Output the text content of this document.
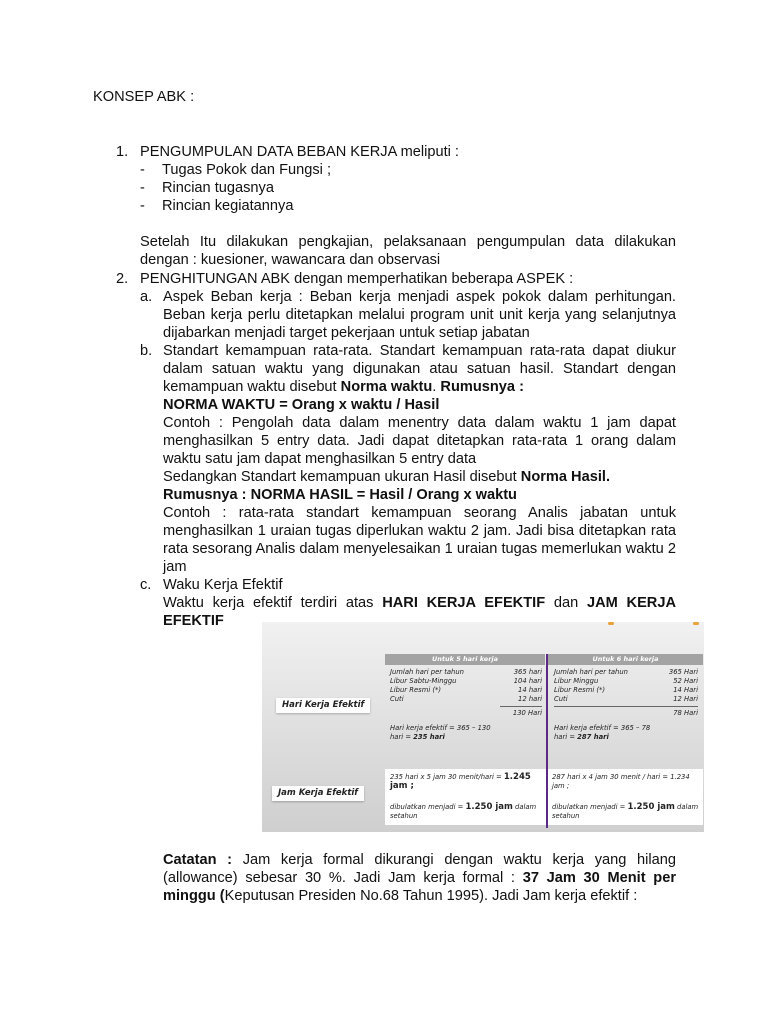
KONSEP ABK :
1. PENGUMPULAN DATA BEBAN KERJA meliputi :
- Tugas Pokok dan Fungsi ;
- Rincian tugasnya
- Rincian kegiatannya

Setelah Itu dilakukan pengkajian, pelaksanaan pengumpulan data dilakukan dengan : kuesioner, wawancara dan observasi

2. PENGHITUNGAN ABK dengan memperhatikan beberapa ASPEK :
a. Aspek Beban kerja : Beban kerja menjadi aspek pokok dalam perhitungan. Beban kerja perlu ditetapkan melalui program unit unit kerja yang selanjutnya dijabarkan menjadi target pekerjaan untuk setiap jabatan

b. Standart kemampuan rata-rata. Standart kemampuan rata-rata dapat diukur dalam satuan waktu yang digunakan atau satuan hasil. Standart dengan kemampuan waktu disebut Norma waktu. Rumusnya :

NORMA WAKTU = Orang x waktu / Hasil

Contoh : Pengolah data dalam menentry data dalam waktu 1 jam dapat menghasilkan 5 entry data. Jadi dapat ditetapkan rata-rata 1 orang dalam waktu satu jam dapat menghasilkan 5 entry data

Sedangkan Standart kemampuan ukuran Hasil disebut Norma Hasil.

Rumusnya : NORMA HASIL = Hasil / Orang x waktu

Contoh : rata-rata standart kemampuan seorang Analis jabatan untuk menghasilkan 1 uraian tugas diperlukan waktu 2 jam. Jadi bisa ditetapkan rata rata sesorang Analis dalam menyelesaikan 1 uraian tugas memerlukan waktu 2 jam

c. Waku Kerja Efektif

Waktu kerja efektif terdiri atas HARI KERJA EFEKTIF dan JAM KERJA EFEKTIF

Untuk 5 hari kerja	Untuk 6 hari kerja
Hari Kerja Efektif
Jam Kerja Efektif
Jumlah hari per tahun	365 hari
Libur Sabtu-Minggu	104 hari
Libur Resmi (*)	14 hari
Cuti	12 hari
130 Hari
Hari kerja efektif = 365 – 130
hari = 235 hari
Jumlah hari per tahun	365 Hari
Libur Minggu	52 Hari
Libur Resmi (*)	14 Hari
Cuti	12 Hari
78 Hari
Hari kerja efektif = 365 – 78
hari = 287 hari
235 hari x 5 jam 30 menit/hari = 1.245 jam ;
dibulatkan menjadi = 1.250 jam dalam
setahun
287 hari x 4 jam 30 menit / hari = 1.234 jam ;
dibulatkan menjadi = 1.250 jam dalam
setahun
Catatan : Jam kerja formal dikurangi dengan waktu kerja yang hilang (allowance) sebesar 30 %. Jadi Jam kerja formal : 37 Jam 30 Menit per minggu (Keputusan Presiden No.68 Tahun 1995). Jadi Jam kerja efektif :
